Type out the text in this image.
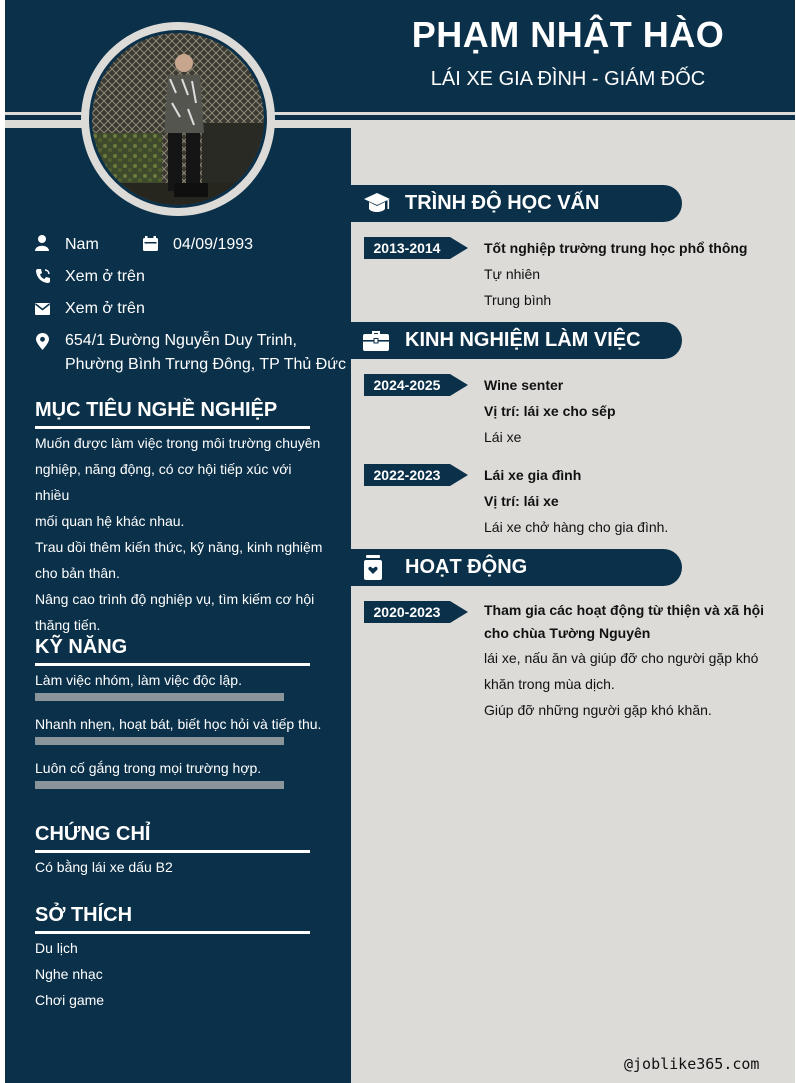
PHẠM NHẬT HÀO
LÁI XE GIA ĐÌNH - GIÁM ĐỐC
Nam	04/09/1993
Xem ở trên
Xem ở trên
654/1 Đường Nguyễn Duy Trinh,
Phường Bình Trưng Đông, TP Thủ Đức
MỤC TIÊU NGHỀ NGHIỆP
Muốn được làm việc trong môi trường chuyên
nghiệp, năng động, có cơ hội tiếp xúc với nhiều
mối quan hệ khác nhau.
Trau dồi thêm kiến thức, kỹ năng, kinh nghiệm
cho bản thân.
Nâng cao trình độ nghiệp vụ, tìm kiếm cơ hội
thăng tiến.
KỸ NĂNG
Làm việc nhóm, làm việc độc lập.
Nhanh nhẹn, hoạt bát, biết học hỏi và tiếp thu.
Luôn cố gắng trong mọi trường hợp.
CHỨNG CHỈ
Có bằng lái xe dấu B2
SỞ THÍCH
Du lịch
Nghe nhạc
Chơi game
TRÌNH ĐỘ HỌC VẤN
2013-2014	Tốt nghiệp trường trung học phổ thông
Tự nhiên
Trung bình
KINH NGHIỆM LÀM VIỆC
2024-2025	Wine senter
Vị trí: lái xe cho sếp
Lái xe
2022-2023	Lái xe gia đình
Vị trí: lái xe
Lái xe chở hàng cho gia đình.
HOẠT ĐỘNG
2020-2023	Tham gia các hoạt động từ thiện và xã hội
cho chùa Tường Nguyên
lái xe, nấu ăn và giúp đỡ cho người gặp khó
khăn trong mùa dịch.
Giúp đỡ những người gặp khó khăn.
@joblike365.com
